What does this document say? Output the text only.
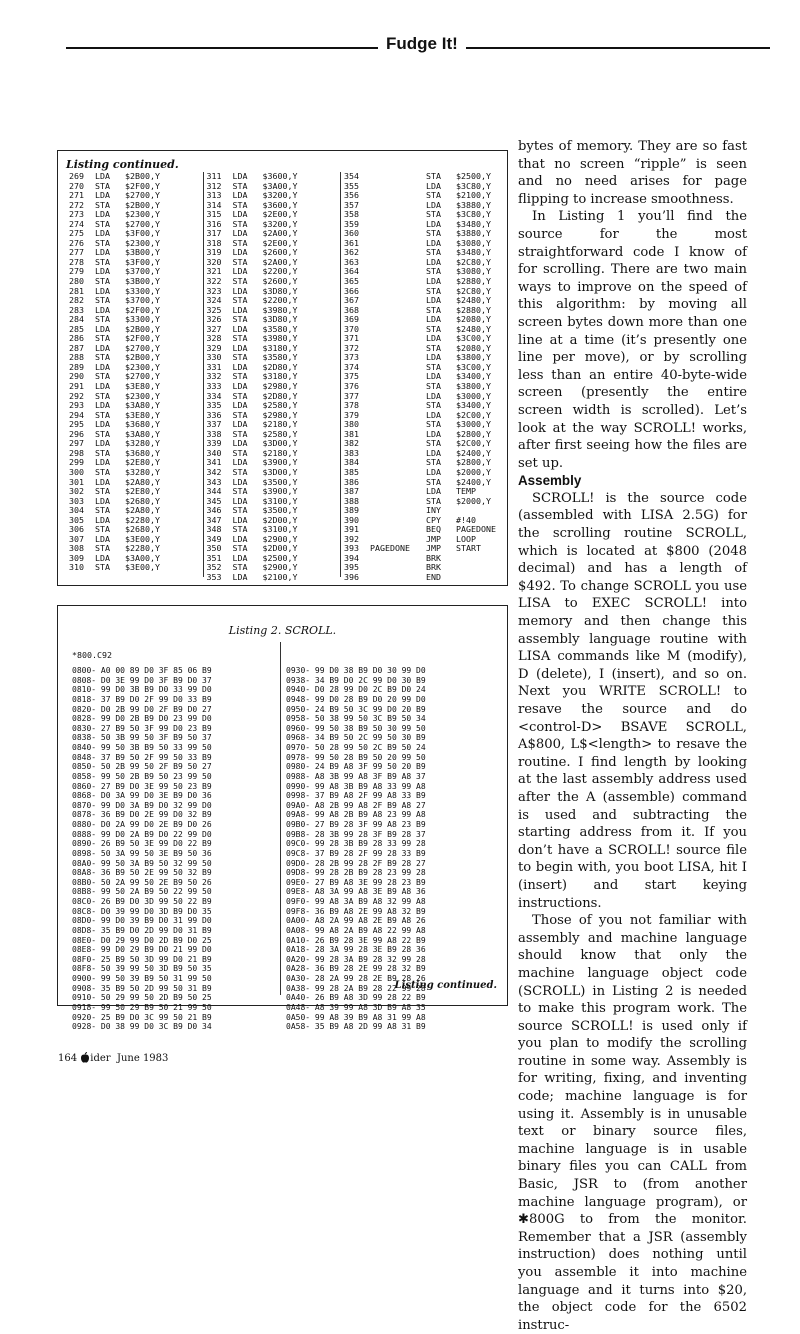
Fudge It!
Listing continued.
269	LDA	$2B00,Y
270	STA	$2F00,Y
271	LDA	$2700,Y
272	STA	$2B00,Y
273	LDA	$2300,Y
274	STA	$2700,Y
275	LDA	$3F00,Y
276	STA	$2300,Y
277	LDA	$3B00,Y
278	STA	$3F00,Y
279	LDA	$3700,Y
280	STA	$3B00,Y
281	LDA	$3300,Y
282	STA	$3700,Y
283	LDA	$2F00,Y
284	STA	$3300,Y
285	LDA	$2B00,Y
286	STA	$2F00,Y
287	LDA	$2700,Y
288	STA	$2B00,Y
289	LDA	$2300,Y
290	STA	$2700,Y
291	LDA	$3E80,Y
292	STA	$2300,Y
293	LDA	$3A80,Y
294	STA	$3E80,Y
295	LDA	$3680,Y
296	STA	$3A80,Y
297	LDA	$3280,Y
298	STA	$3680,Y
299	LDA	$2E80,Y
300	STA	$3280,Y
301	LDA	$2A80,Y
302	STA	$2E80,Y
303	LDA	$2680,Y
304	STA	$2A80,Y
305	LDA	$2280,Y
306	STA	$2680,Y
307	LDA	$3E00,Y
308	STA	$2280,Y
309	LDA	$3A00,Y
310	STA	$3E00,Y
311	LDA	$3600,Y
312	STA	$3A00,Y
313	LDA	$3200,Y
314	STA	$3600,Y
315	LDA	$2E00,Y
316	STA	$3200,Y
317	LDA	$2A00,Y
318	STA	$2E00,Y
319	LDA	$2600,Y
320	STA	$2A00,Y
321	LDA	$2200,Y
322	STA	$2600,Y
323	LDA	$3D80,Y
324	STA	$2200,Y
325	LDA	$3980,Y
326	STA	$3D80,Y
327	LDA	$3580,Y
328	STA	$3980,Y
329	LDA	$3180,Y
330	STA	$3580,Y
331	LDA	$2D80,Y
332	STA	$3180,Y
333	LDA	$2980,Y
334	STA	$2D80,Y
335	LDA	$2580,Y
336	STA	$2980,Y
337	LDA	$2180,Y
338	STA	$2580,Y
339	LDA	$3D00,Y
340	STA	$2180,Y
341	LDA	$3900,Y
342	STA	$3D00,Y
343	LDA	$3500,Y
344	STA	$3900,Y
345	LDA	$3100,Y
346	STA	$3500,Y
347	LDA	$2D00,Y
348	STA	$3100,Y
349	LDA	$2900,Y
350	STA	$2D00,Y
351	LDA	$2500,Y
352	STA	$2900,Y
353	LDA	$2100,Y
354	STA	$2500,Y
355	LDA	$3C80,Y
356	STA	$2100,Y
357	LDA	$3880,Y
358	STA	$3C80,Y
359	LDA	$3480,Y
360	STA	$3880,Y
361	LDA	$3080,Y
362	STA	$3480,Y
363	LDA	$2C80,Y
364	STA	$3080,Y
365	LDA	$2880,Y
366	STA	$2C80,Y
367	LDA	$2480,Y
368	STA	$2880,Y
369	LDA	$2080,Y
370	STA	$2480,Y
371	LDA	$3C00,Y
372	STA	$2080,Y
373	LDA	$3800,Y
374	STA	$3C00,Y
375	LDA	$3400,Y
376	STA	$3800,Y
377	LDA	$3000,Y
378	STA	$3400,Y
379	LDA	$2C00,Y
380	STA	$3000,Y
381	LDA	$2800,Y
382	STA	$2C00,Y
383	LDA	$2400,Y
384	STA	$2800,Y
385	LDA	$2000,Y
386	STA	$2400,Y
387	LDA	TEMP
388	STA	$2000,Y
389	INY
390	CPY	#!40
391	BEQ	PAGEDONE
392	JMP	LOOP
393	PAGEDONE	JMP	START
394	BRK
395	BRK
396	END
Listing 2. SCROLL.
*800.C92
0800- A0 00 89 D0 3F 85 06 B9
0808- D0 3E 99 D0 3F B9 D0 37
0810- 99 D0 3B B9 D0 33 99 D0
0818- 37 B9 D0 2F 99 D0 33 B9
0820- D0 2B 99 D0 2F B9 D0 27
0828- 99 D0 2B B9 D0 23 99 D0
0830- 27 B9 50 3F 99 D0 23 B9
0838- 50 3B 99 50 3F B9 50 37
0840- 99 50 3B B9 50 33 99 50
0848- 37 B9 50 2F 99 50 33 B9
0850- 50 2B 99 50 2F B9 50 27
0858- 99 50 2B B9 50 23 99 50
0860- 27 B9 D0 3E 99 50 23 B9
0868- D0 3A 99 D0 3E B9 D0 36
0870- 99 D0 3A B9 D0 32 99 D0
0878- 36 B9 D0 2E 99 D0 32 B9
0880- D0 2A 99 D0 2E B9 D0 26
0888- 99 D0 2A B9 D0 22 99 D0
0890- 26 B9 50 3E 99 D0 22 B9
0898- 50 3A 99 50 3E B9 50 36
08A0- 99 50 3A B9 50 32 99 50
08A8- 36 B9 50 2E 99 50 32 B9
08B0- 50 2A 99 50 2E B9 50 26
08B8- 99 50 2A B9 50 22 99 50
08C0- 26 B9 D0 3D 99 50 22 B9
08C8- D0 39 99 D0 3D B9 D0 35
08D0- 99 D0 39 B9 D0 31 99 D0
08D8- 35 B9 D0 2D 99 D0 31 B9
08E0- D0 29 99 D0 2D B9 D0 25
08E8- 99 D0 29 B9 D0 21 99 D0
08F0- 25 B9 50 3D 99 D0 21 B9
08F8- 50 39 99 50 3D B9 50 35
0900- 99 50 39 B9 50 31 99 50
0908- 35 B9 50 2D 99 50 31 B9
0910- 50 29 99 50 2D B9 50 25
0918- 99 50 29 B9 50 21 99 50
0920- 25 B9 D0 3C 99 50 21 B9
0928- D0 38 99 D0 3C B9 D0 34
0930- 99 D0 38 B9 D0 30 99 D0
0938- 34 B9 D0 2C 99 D0 30 B9
0940- D0 28 99 D0 2C B9 D0 24
0948- 99 D0 28 B9 D0 20 99 D0
0950- 24 B9 50 3C 99 D0 20 B9
0958- 50 38 99 50 3C B9 50 34
0960- 99 50 38 B9 50 30 99 50
0968- 34 B9 50 2C 99 50 30 B9
0970- 50 28 99 50 2C B9 50 24
0978- 99 50 28 B9 50 20 99 50
0980- 24 B9 A8 3F 99 50 20 B9
0988- A8 3B 99 A8 3F B9 A8 37
0990- 99 A8 3B B9 A8 33 99 A8
0998- 37 B9 A8 2F 99 A8 33 B9
09A0- A8 2B 99 A8 2F B9 A8 27
09A8- 99 A8 2B B9 A8 23 99 A8
09B0- 27 B9 28 3F 99 A8 23 B9
09B8- 28 3B 99 28 3F B9 28 37
09C0- 99 28 3B B9 28 33 99 28
09C8- 37 B9 28 2F 99 28 33 B9
09D0- 28 2B 99 28 2F B9 28 27
09D8- 99 28 2B B9 28 23 99 28
09E0- 27 B9 A8 3E 99 28 23 B9
09E8- A8 3A 99 A8 3E B9 A8 36
09F0- 99 A8 3A B9 A8 32 99 A8
09F8- 36 B9 A8 2E 99 A8 32 B9
0A00- A8 2A 99 A8 2E B9 A8 26
0A08- 99 A8 2A B9 A8 22 99 A8
0A10- 26 B9 28 3E 99 A8 22 B9
0A18- 28 3A 99 28 3E B9 28 36
0A20- 99 28 3A B9 28 32 99 28
0A28- 36 B9 28 2E 99 28 32 B9
0A30- 28 2A 99 28 2E B9 28 26
0A38- 99 28 2A B9 28 22 99 28
0A40- 26 B9 A8 3D 99 28 22 B9
0A48- A8 39 99 A8 3D B9 A8 35
0A50- 99 A8 39 B9 A8 31 99 A8
0A58- 35 B9 A8 2D 99 A8 31 B9
Listing continued.

bytes of memory. They are so fast that no screen “ripple” is seen and no need arises for page flipping to increase smoothness.

In Listing 1 you’ll find the source for the most straightforward code I know of for scrolling. There are two main ways to improve on the speed of this algorithm: by moving all screen bytes down more than one line at a time (it’s presently one line per move), or by scrolling less than an entire 40-byte-wide screen (presently the entire screen width is scrolled). Let’s look at the way SCROLL! works, after first seeing how the files are set up.

Assembly

SCROLL! is the source code (assembled with LISA 2.5G) for the scrolling routine SCROLL, which is located at $800 (2048 decimal) and has a length of $492. To change SCROLL you use LISA to EXEC SCROLL! into memory and then change this assembly language routine with LISA commands like M (modify), D (delete), I (insert), and so on. Next you WRITE SCROLL! to resave the source and do <control-D> BSAVE SCROLL, A$800, L$<length> to resave the routine. I find length by looking at the last assembly address used after the A (assemble) command is used and subtracting the starting address from it. If you don’t have a SCROLL! source file to begin with, you boot LISA, hit I (insert) and start keying instructions.

Those of you not familiar with assembly and machine language should know that only the machine language object code (SCROLL) in Listing 2 is needed to make this program work. The source SCROLL! is used only if you plan to modify the scrolling routine in some way. Assembly is for writing, fixing, and inventing code; machine language is for using it. Assembly is in unusable text or binary source files, machine language is in usable binary files you can CALL from Basic, JSR to (from another machine language program), or ✱800G to from the monitor. Remember that a JSR (assembly instruction) does nothing until you assemble it into machine language and it turns into $20, the object code for the 6502 instruc-

164 ider June 1983
